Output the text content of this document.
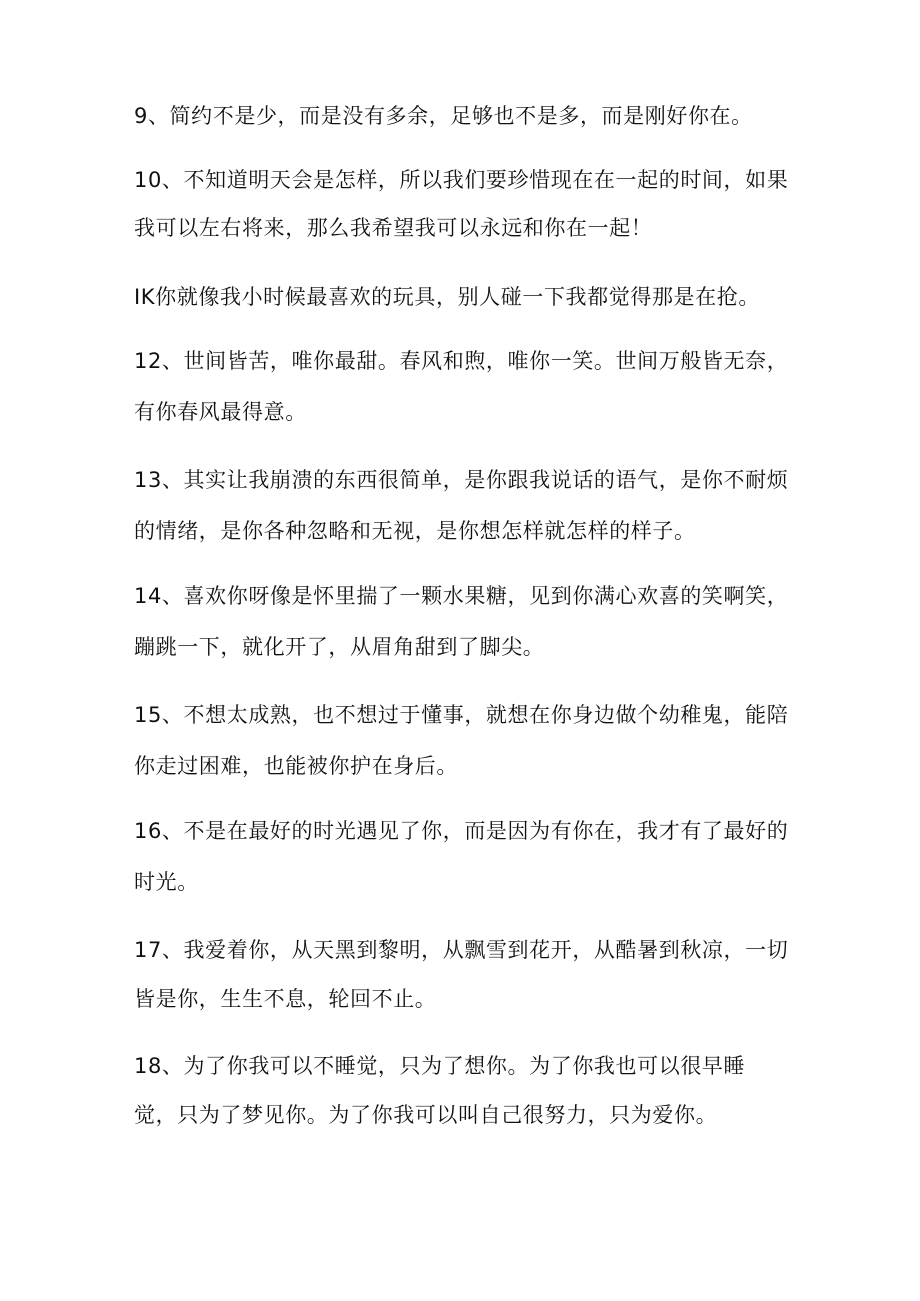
9、简约不是少，而是没有多余，足够也不是多，而是刚好你在。

10、不知道明天会是怎样，所以我们要珍惜现在在一起的时间，如果

我可以左右将来，那么我希望我可以永远和你在一起！

IK你就像我小时候最喜欢的玩具，别人碰一下我都觉得那是在抢。

12、世间皆苦，唯你最甜。春风和煦，唯你一笑。世间万般皆无奈，

有你春风最得意。

13、其实让我崩溃的东西很简单，是你跟我说话的语气，是你不耐烦

的情绪，是你各种忽略和无视，是你想怎样就怎样的样子。

14、喜欢你呀像是怀里揣了一颗水果糖，见到你满心欢喜的笑啊笑，

蹦跳一下，就化开了，从眉角甜到了脚尖。

15、不想太成熟，也不想过于懂事，就想在你身边做个幼稚鬼，能陪

你走过困难，也能被你护在身后。

16、不是在最好的时光遇见了你，而是因为有你在，我才有了最好的

时光。

17、我爱着你，从天黑到黎明，从飘雪到花开，从酷暑到秋凉，一切

皆是你，生生不息，轮回不止。

18、为了你我可以不睡觉，只为了想你。为了你我也可以很早睡

觉，只为了梦见你。为了你我可以叫自己很努力，只为爱你。
